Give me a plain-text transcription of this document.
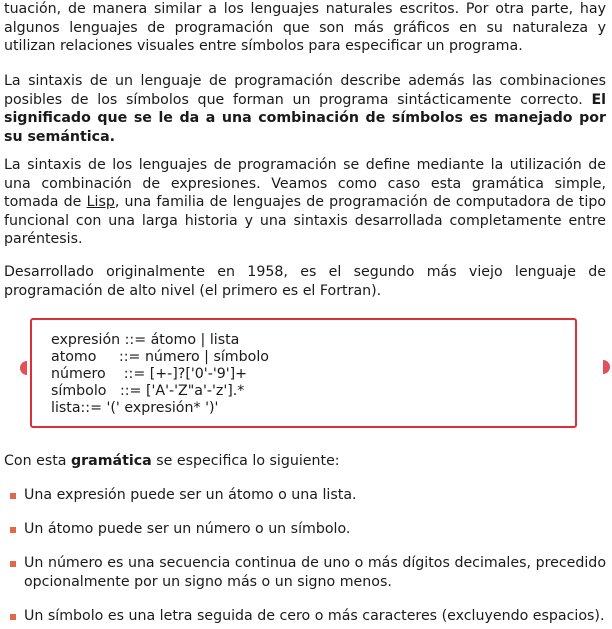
tuación, de manera similar a los lenguajes naturales escritos. Por otra parte, hay algunos lenguajes de programación que son más gráficos en su naturaleza y utilizan relaciones visuales entre símbolos para especificar un programa.

La sintaxis de un lenguaje de programación describe además las combinaciones posibles de los símbolos que forman un programa sintácticamente correcto. El significado que se le da a una combinación de símbolos es manejado por su semántica.

La sintaxis de los lenguajes de programación se define mediante la utilización de una combinación de expresiones. Veamos como caso esta gramática simple, tomada de Lisp, una familia de lenguajes de programación de computadora de tipo funcional con una larga historia y una sintaxis desarrollada completamente entre paréntesis.

Desarrollado originalmente en 1958, es el segundo más viejo lenguaje de programación de alto nivel (el primero es el Fortran).

expresión ::= átomo | lista
atomo     ::= número | símbolo
número    ::= [+-]?['0'-'9']+
símbolo   ::= ['A'-'Z"a'-'z'].*
lista::= '(' expresión* ')'

Con esta gramática se especifica lo siguiente:

Una expresión puede ser un átomo o una lista.
Un átomo puede ser un número o un símbolo.
Un número es una secuencia continua de uno o más dígitos decimales, precedido opcionalmente por un signo más o un signo menos.
Un símbolo es una letra seguida de cero o más caracteres (excluyendo espacios).
